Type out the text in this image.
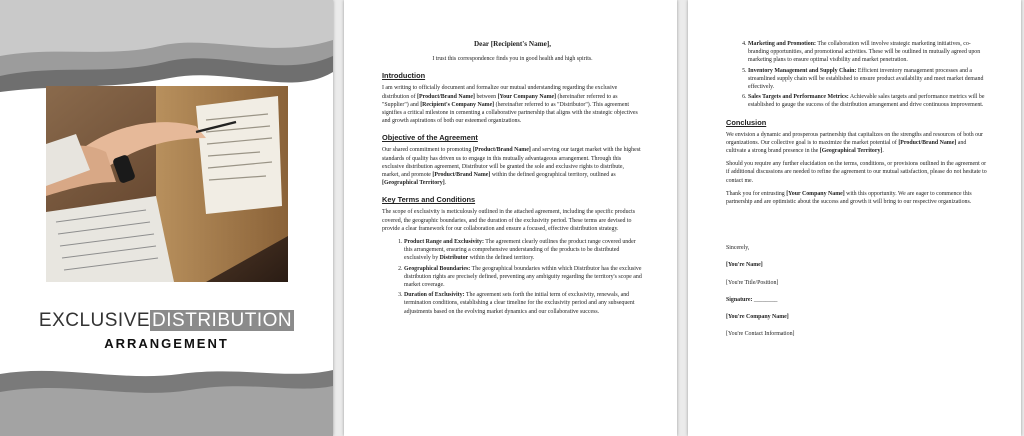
EXCLUSIVE DISTRIBUTION
ARRANGEMENT
Dear [Recipient's Name],
I trust this correspondence finds you in good health and high spirits.
Introduction

I am writing to officially document and formalize our mutual understanding regarding the exclusive distribution of [Product/Brand Name] between [Your Company Name] (hereinafter referred to as "Supplier") and [Recipient's Company Name] (hereinafter referred to as "Distributor"). This agreement signifies a critical milestone in cementing a collaborative partnership that aligns with the strategic objectives and growth aspirations of both our esteemed organizations.

Objective of the Agreement

Our shared commitment to promoting [Product/Brand Name] and serving our target market with the highest standards of quality has driven us to engage in this mutually advantageous arrangement. Through this exclusive distribution agreement, Distributor will be granted the sole and exclusive rights to distribute, market, and promote [Product/Brand Name] within the defined geographical territory, outlined as [Geographical Territory].

Key Terms and Conditions

The scope of exclusivity is meticulously outlined in the attached agreement, including the specific products covered, the geographic boundaries, and the duration of the exclusivity period. These terms are devised to provide a clear framework for our collaboration and ensure a focused, effective distribution strategy.

1. Product Range and Exclusivity: The agreement clearly outlines the product range covered under this arrangement, ensuring a comprehensive understanding of the products to be distributed exclusively by Distributor within the defined territory.
2. Geographical Boundaries: The geographical boundaries within which Distributor has the exclusive distribution rights are precisely defined, preventing any ambiguity regarding the territory's scope and market coverage.
3. Duration of Exclusivity: The agreement sets forth the initial term of exclusivity, renewals, and termination conditions, establishing a clear timeline for the exclusivity period and any subsequent adjustments based on the evolving market dynamics and our collaborative success.
4. Marketing and Promotion: The collaboration will involve strategic marketing initiatives, co-branding opportunities, and promotional activities. These will be outlined in mutually agreed upon marketing plans to ensure optimal visibility and market penetration.
5. Inventory Management and Supply Chain: Efficient inventory management processes and a streamlined supply chain will be established to ensure product availability and meet market demand effectively.
6. Sales Targets and Performance Metrics: Achievable sales targets and performance metrics will be established to gauge the success of the distribution arrangement and drive continuous improvement.
Conclusion

We envision a dynamic and prosperous partnership that capitalizes on the strengths and resources of both our organizations. Our collective goal is to maximize the market potential of [Product/Brand Name] and cultivate a strong brand presence in the [Geographical Territory].

Should you require any further elucidation on the terms, conditions, or provisions outlined in the agreement or if additional discussions are needed to refine the agreement to our mutual satisfaction, please do not hesitate to contact me.

Thank you for entrusting [Your Company Name] with this opportunity. We are eager to commence this partnership and are optimistic about the success and growth it will bring to our respective organizations.

Sincerely,

[You're Name]

[You're Title/Position]

Signature: ________

[You're Company Name]

[You're Contact Information]
